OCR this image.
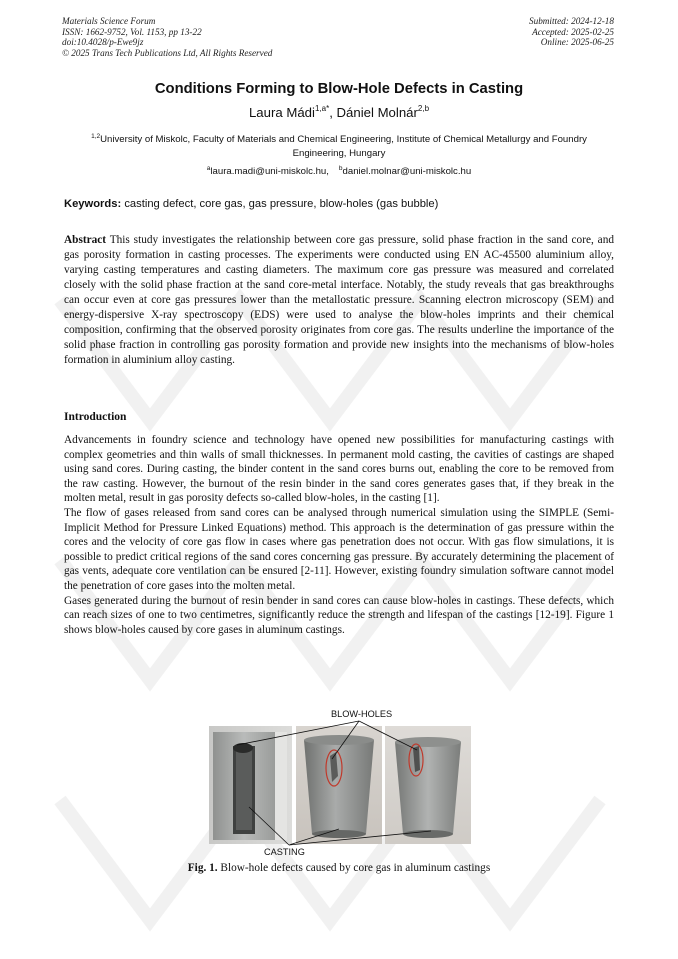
Materials Science Forum
ISSN: 1662-9752, Vol. 1153, pp 13-22
doi:10.4028/p-Ewe9jz
© 2025 Trans Tech Publications Ltd, All Rights Reserved
Submitted: 2024-12-18
Accepted: 2025-02-25
Online: 2025-06-25
Conditions Forming to Blow-Hole Defects in Casting
Laura Mádi$^{1,a*}$, Dániel Molnár$^{2,b}$
$^{1,2}$University of Miskolc, Faculty of Materials and Chemical Engineering, Institute of Chemical Metallurgy and Foundry Engineering, Hungary
$^a$laura.madi@uni-miskolc.hu, $^b$daniel.molnar@uni-miskolc.hu
Keywords: casting defect, core gas, gas pressure, blow-holes (gas bubble)
Abstract This study investigates the relationship between core gas pressure, solid phase fraction in the sand core, and gas porosity formation in casting processes. The experiments were conducted using EN AC-45500 aluminium alloy, varying casting temperatures and casting diameters. The maximum core gas pressure was measured and correlated closely with the solid phase fraction at the sand core-metal interface. Notably, the study reveals that gas breakthroughs can occur even at core gas pressures lower than the metallostatic pressure. Scanning electron microscopy (SEM) and energy-dispersive X-ray spectroscopy (EDS) were used to analyse the blow-holes imprints and their chemical composition, confirming that the observed porosity originates from core gas. The results underline the importance of the solid phase fraction in controlling gas porosity formation and provide new insights into the mechanisms of blow-holes formation in aluminium alloy casting.
Introduction

Advancements in foundry science and technology have opened new possibilities for manufacturing castings with complex geometries and thin walls of small thicknesses. In permanent mold casting, the cavities of castings are shaped using sand cores. During casting, the binder content in the sand cores burns out, enabling the core to be removed from the raw casting. However, the burnout of the resin binder in the sand cores generates gases that, if they break in the molten metal, result in gas porosity defects so-called blow-holes, in the casting [1].

The flow of gases released from sand cores can be analysed through numerical simulation using the SIMPLE (Semi- Implicit Method for Pressure Linked Equations) method. This approach is the determination of gas pressure within the cores and the velocity of core gas flow in cases where gas penetration does not occur. With gas flow simulations, it is possible to predict critical regions of the sand cores concerning gas pressure. By accurately determining the placement of gas vents, adequate core ventilation can be ensured [2-11]. However, existing foundry simulation software cannot model the penetration of core gases into the molten metal.

Gases generated during the burnout of resin bender in sand cores can cause blow-holes in castings. These defects, which can reach sizes of one to two centimetres, significantly reduce the strength and lifespan of the castings [12-19]. Figure 1 shows blow-holes caused by core gases in aluminum castings.

BLOW-HOLES
CASTING
Fig. 1. Blow-hole defects caused by core gas in aluminum castings
